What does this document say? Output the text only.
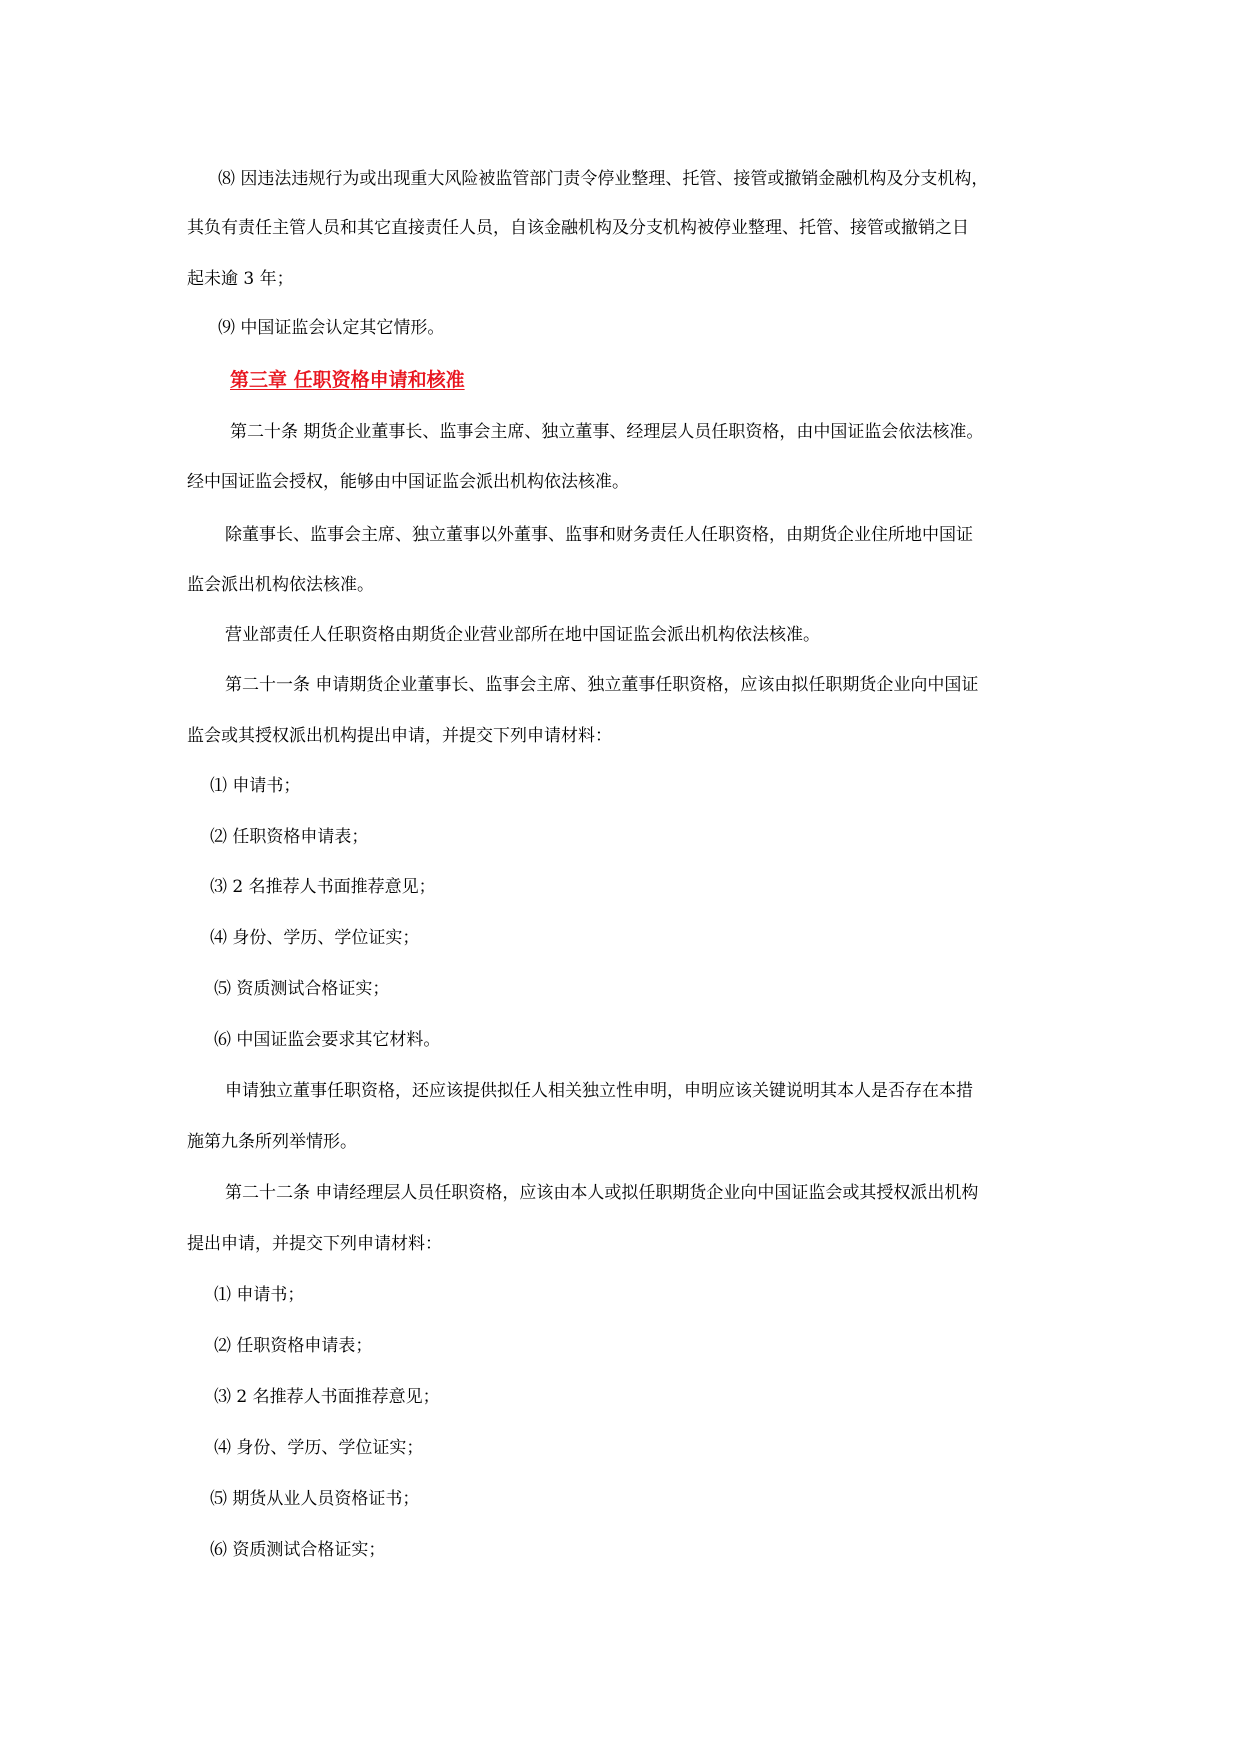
⑻ 因违法违规行为或出现重大风险被监管部门责令停业整理、托管、接管或撤销金融机构及分支机构，
其负有责任主管人员和其它直接责任人员，自该金融机构及分支机构被停业整理、托管、接管或撤销之日
起未逾 3 年；
⑼ 中国证监会认定其它情形。
第三章 任职资格申请和核准
第二十条 期货企业董事长、监事会主席、独立董事、经理层人员任职资格，由中国证监会依法核准。
经中国证监会授权，能够由中国证监会派出机构依法核准。
除董事长、监事会主席、独立董事以外董事、监事和财务责任人任职资格，由期货企业住所地中国证
监会派出机构依法核准。
营业部责任人任职资格由期货企业营业部所在地中国证监会派出机构依法核准。
第二十一条 申请期货企业董事长、监事会主席、独立董事任职资格，应该由拟任职期货企业向中国证
监会或其授权派出机构提出申请，并提交下列申请材料：
⑴ 申请书；
⑵ 任职资格申请表；
⑶ 2 名推荐人书面推荐意见；
⑷ 身份、学历、学位证实；
⑸ 资质测试合格证实；
⑹ 中国证监会要求其它材料。
申请独立董事任职资格，还应该提供拟任人相关独立性申明，申明应该关键说明其本人是否存在本措
施第九条所列举情形。
第二十二条 申请经理层人员任职资格，应该由本人或拟任职期货企业向中国证监会或其授权派出机构
提出申请，并提交下列申请材料：
⑴ 申请书；
⑵ 任职资格申请表；
⑶ 2 名推荐人书面推荐意见；
⑷ 身份、学历、学位证实；
⑸ 期货从业人员资格证书；
⑹ 资质测试合格证实；
